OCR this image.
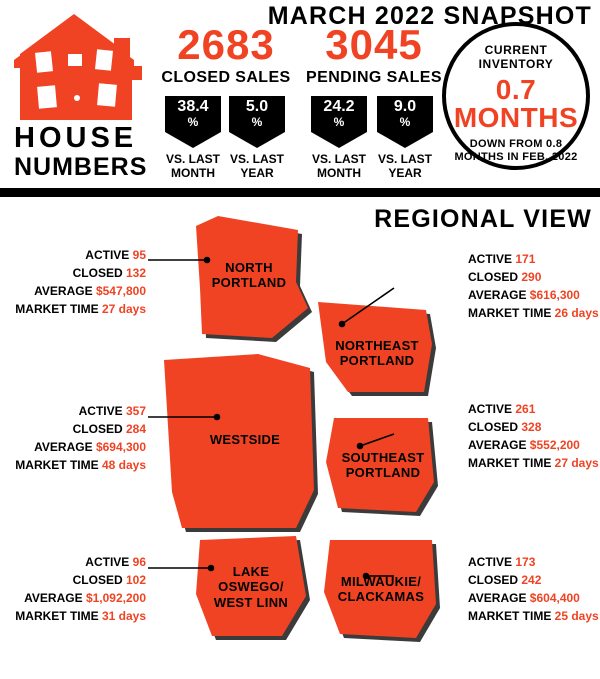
MARCH 2022 SNAPSHOT
HOUSE
NUMBERS
2683
CLOSED SALES
3045
PENDING SALES
38.4
%
VS. LAST MONTH
5.0
%
VS. LAST YEAR
24.2
%
VS. LAST MONTH
9.0
%
VS. LAST YEAR
CURRENT INVENTORY
0.7 MONTHS
DOWN FROM 0.8 MONTHS IN FEB. 2022
REGIONAL VIEW
NORTH
PORTLAND
NORTHEAST
PORTLAND
WESTSIDE
SOUTHEAST
PORTLAND
LAKE
OSWEGO/
WEST LINN
MILWAUKIE/
CLACKAMAS
ACTIVE 95
CLOSED 132
AVERAGE $547,800
MARKET TIME 27 days
ACTIVE 171
CLOSED 290
AVERAGE $616,300
MARKET TIME 26 days
ACTIVE 357
CLOSED 284
AVERAGE $694,300
MARKET TIME 48 days
ACTIVE 261
CLOSED 328
AVERAGE $552,200
MARKET TIME 27 days
ACTIVE 96
CLOSED 102
AVERAGE $1,092,200
MARKET TIME 31 days
ACTIVE 173
CLOSED 242
AVERAGE $604,400
MARKET TIME 25 days
